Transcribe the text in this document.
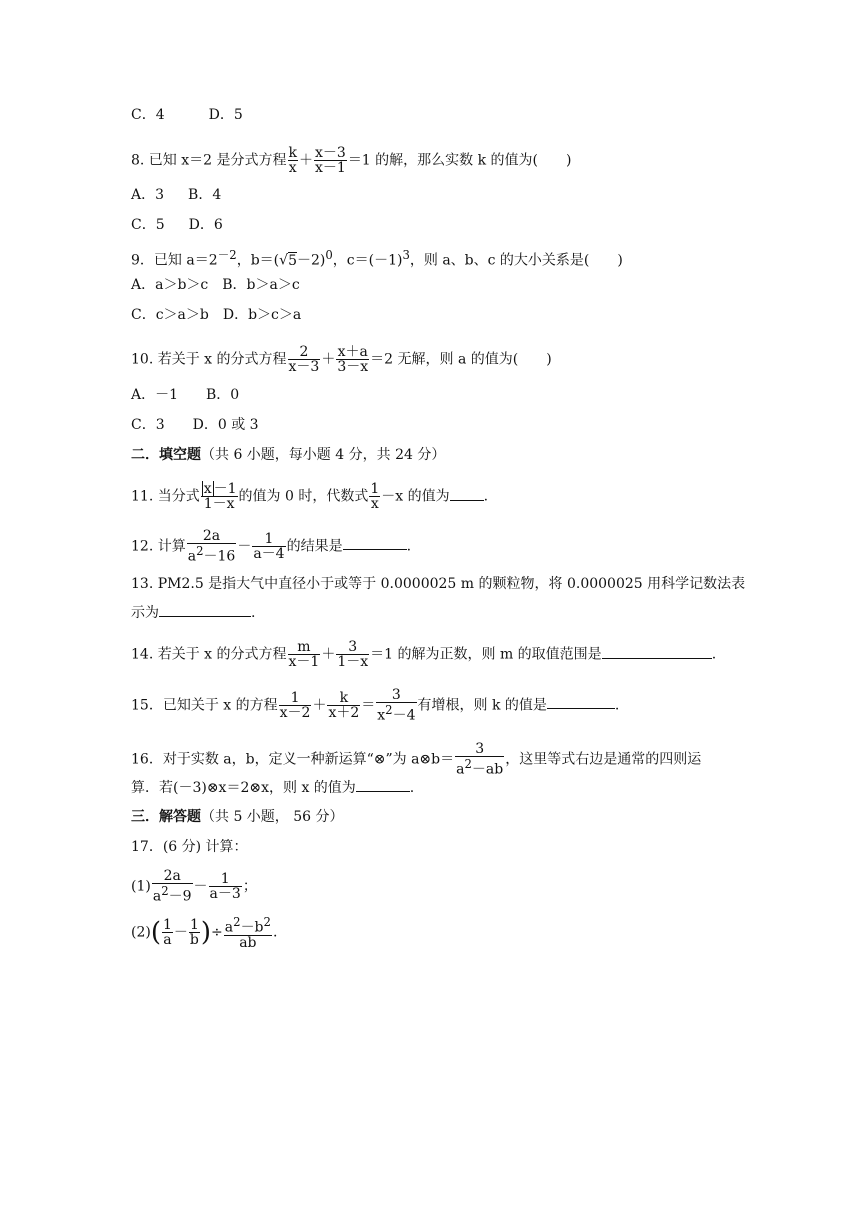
C．4	D．5
8. 已知 x＝2 是分式方程 $\frac{k}{x} + \frac{x-3}{x-1} =1$ 的解，那么实数 k 的值为(　　)
A．3 B．4
C．5 D．6
9．已知 $a=2^{-2}$，$b=(√5-2)^0$，$c=(-1)^3$，则 a、b、c 的大小关系是(　　)
A．a＞b＞c　B．b＞a＞c
C．c＞a＞b　D．b＞c＞a
10. 若关于 x 的分式方程 $\frac{2}{x-3} + \frac{x+a}{3-x} =2$ 无解，则 a 的值为(　　)
A．－1　　B．0
C．3　　D．0 或 3
二．填空题（共 6 小题，每小题 4 分，共 24 分）
11. 当分式 $\frac{x -1}{1-x}$ 的值为 0 时，代数式 $\frac{1}{x} -x$ 的值为 .
12. 计算 $\frac{2a}{a^2-16} - \frac{1}{a-4}$ 的结果是	.
13. PM2.5 是指大气中直径小于或等于 0.0000025 m 的颗粒物，将 0.0000025 用科学记数法表
示为	.
14. 若关于 x 的分式方程 $\frac{m}{x-1} + \frac{3}{1-x} =1$ 的解为正数，则 m 的取值范围是	.
15．已知关于 x 的方程 $\frac{1}{x-2} + \frac{k}{x+2} = \frac{3}{x^2-4}$ 有增根，则 k 的值是	.
16．对于实数 a，b，定义一种新运算“⊗”为 a⊗b＝ $\frac{3}{a^2-ab}$ ，这里等式右边是通常的四则运
算．若(－3)⊗x＝2⊗x，则 x 的值为	.
三．解答题（共 5 小题， 56 分）
17．(6 分) 计算：
$(1) \frac{2a}{a^2-9} - \frac{1}{a-3}$ ；
$(2)( \frac{1}{a} - \frac{1}{b}$ )÷ $\frac{a^2-b^2}{ab}$ .
